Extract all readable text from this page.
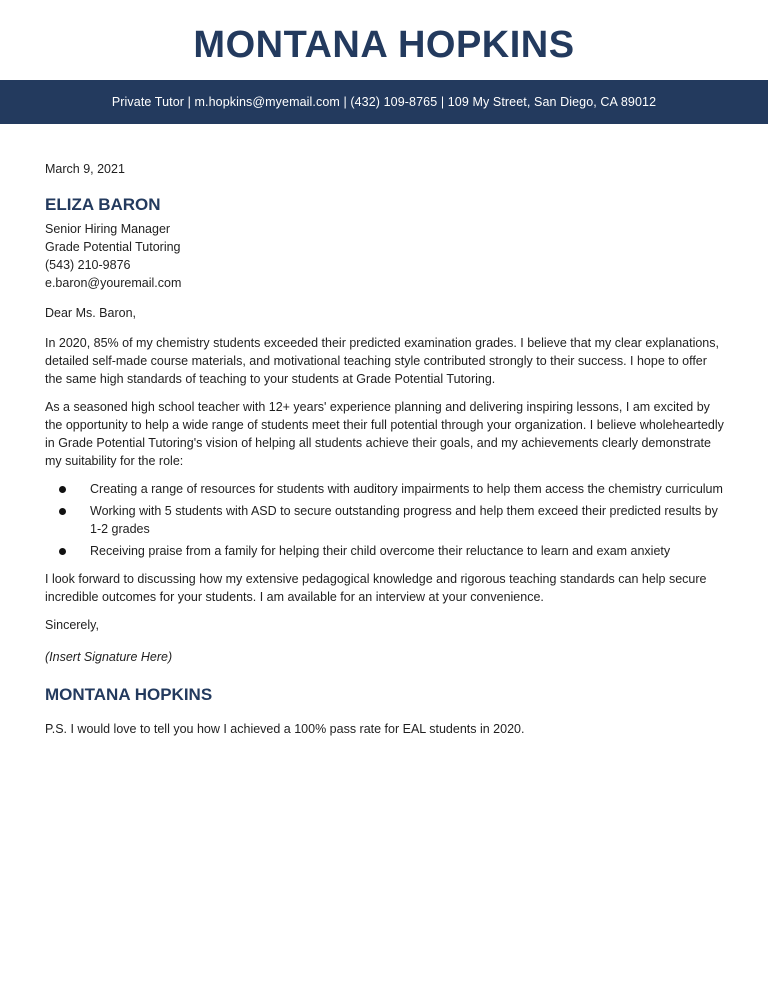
MONTANA HOPKINS
Private Tutor | m.hopkins@myemail.com | (432) 109-8765 | 109 My Street, San Diego, CA 89012

March 9, 2021

ELIZA BARON

Senior Hiring Manager

Grade Potential Tutoring

(543) 210-9876

e.baron@youremail.com

Dear Ms. Baron,

In 2020, 85% of my chemistry students exceeded their predicted examination grades. I believe that my clear explanations, detailed self-made course materials, and motivational teaching style contributed strongly to their success. I hope to offer the same high standards of teaching to your students at Grade Potential Tutoring.

As a seasoned high school teacher with 12+ years' experience planning and delivering inspiring lessons, I am excited by the opportunity to help a wide range of students meet their full potential through your organization. I believe wholeheartedly in Grade Potential Tutoring's vision of helping all students achieve their goals, and my achievements clearly demonstrate my suitability for the role:

Creating a range of resources for students with auditory impairments to help them access the chemistry curriculum
Working with 5 students with ASD to secure outstanding progress and help them exceed their predicted results by 1-2 grades
Receiving praise from a family for helping their child overcome their reluctance to learn and exam anxiety

I look forward to discussing how my extensive pedagogical knowledge and rigorous teaching standards can help secure incredible outcomes for your students. I am available for an interview at your convenience.

Sincerely,

(Insert Signature Here)

MONTANA HOPKINS

P.S. I would love to tell you how I achieved a 100% pass rate for EAL students in 2020.
